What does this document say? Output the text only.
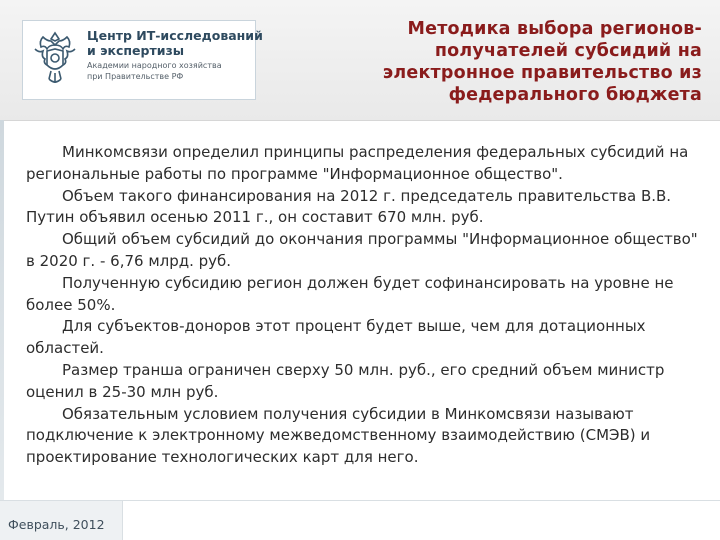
Центр ИТ-исследований
и экспертизы
Академии народного хозяйства
при Правительстве РФ
Методика выбора регионов-получателей субсидий на электронное правительство из федерального бюджета

Минкомсвязи определил принципы распределения федеральных субсидий на региональные работы по программе "Информационное общество".

Объем такого финансирования на 2012 г. председатель правительства В.В. Путин объявил осенью 2011 г., он составит 670 млн. руб.

Общий объем субсидий до окончания программы "Информационное общество" в 2020 г. - 6,76 млрд. руб.

Полученную субсидию регион должен будет софинансировать на уровне не более 50%.

Для субъектов-доноров этот процент будет выше, чем для дотационных областей.

Размер транша ограничен сверху 50 млн. руб., его средний объем министр оценил в 25-30 млн руб.

Обязательным условием получения субсидии в Минкомсвязи называют подключение к электронному межведомственному взаимодействию (СМЭВ) и проектирование технологических карт для него.

Февраль, 2012
